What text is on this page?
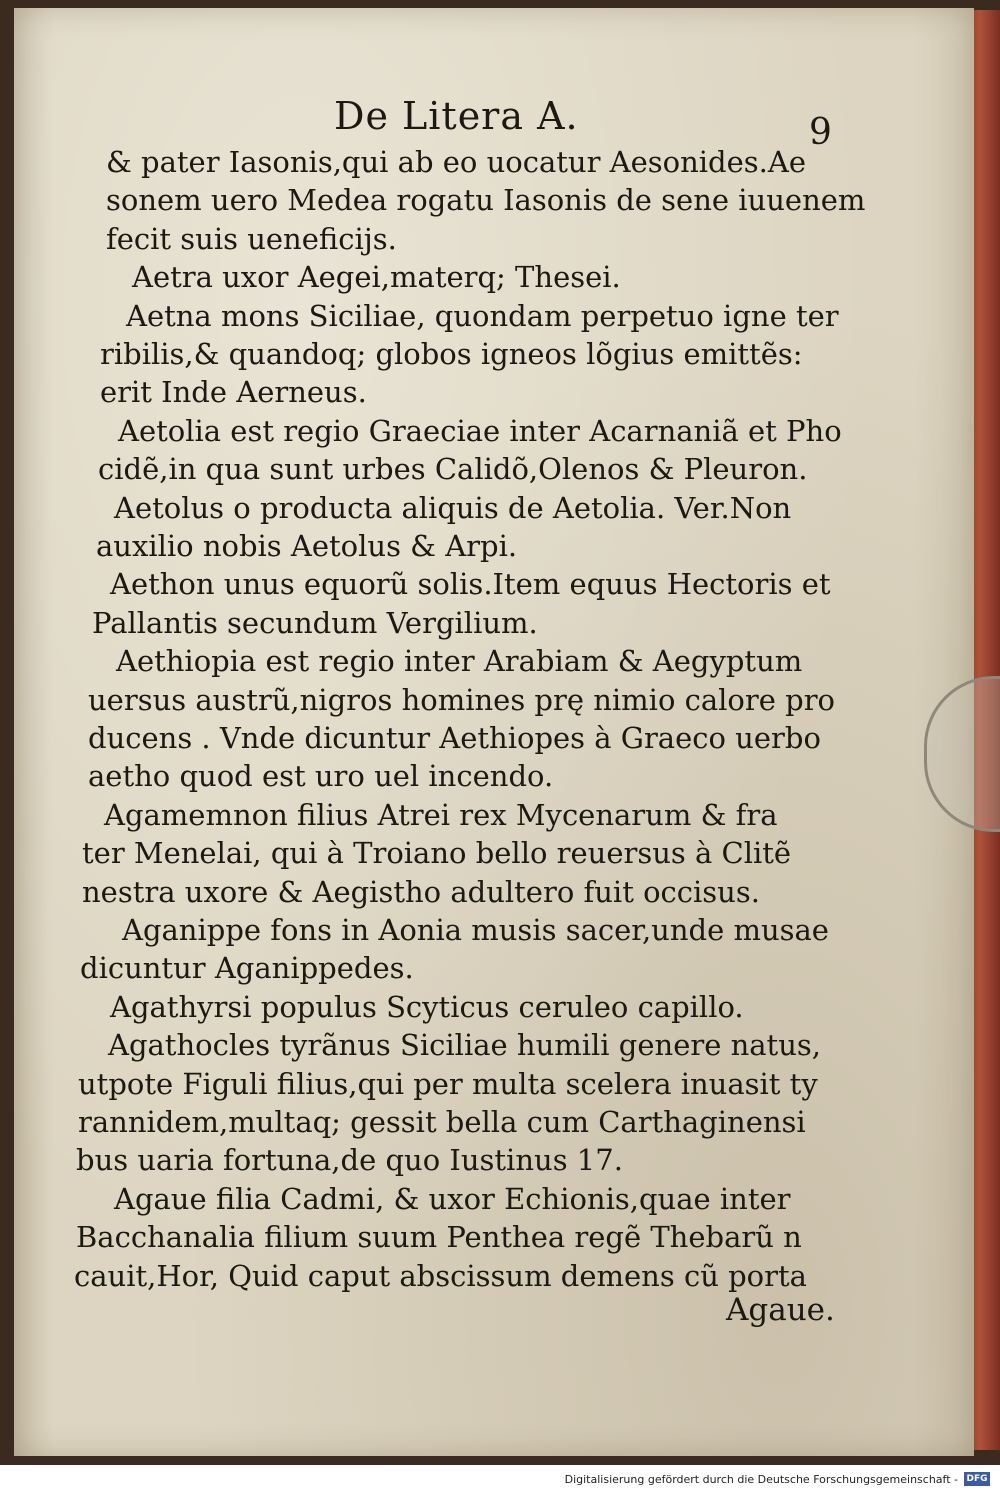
De Litera A.	9
& pater Iasonis,qui ab eo uocatur Aesonides.Ae
sonem uero Medea rogatu Iasonis de sene iuuenem
fecit suis ueneficijs.
Aetra uxor Aegei,materq; Thesei.
Aetna mons Siciliae, quondam perpetuo igne ter
ribilis,& quandoq; globos igneos lõgius emittẽs:
erit Inde Aerneus.
Aetolia est regio Graeciae inter Acarnaniã et Pho
cidẽ,in qua sunt urbes Calidõ,Olenos & Pleuron.
Aetolus o producta aliquis de Aetolia. Ver.Non
auxilio nobis Aetolus & Arpi.
Aethon unus equorũ solis.Item equus Hectoris et
Pallantis secundum Vergilium.
Aethiopia est regio inter Arabiam & Aegyptum
uersus austrũ,nigros homines prę nimio calore pro
ducens . Vnde dicuntur Aethiopes à Graeco uerbo
aetho quod est uro uel incendo.
Agamemnon filius Atrei rex Mycenarum & fra
ter Menelai, qui à Troiano bello reuersus à Clitẽ
nestra uxore & Aegistho adultero fuit occisus.
Aganippe fons in Aonia musis sacer,unde musae
dicuntur Aganippedes.
Agathyrsi populus Scyticus ceruleo capillo.
Agathocles tyrãnus Siciliae humili genere natus,
utpote Figuli filius,qui per multa scelera inuasit ty
rannidem,multaq; gessit bella cum Carthaginensi
bus uaria fortuna,de quo Iustinus 17.
Agaue filia Cadmi, & uxor Echionis,quae inter
Bacchanalia filium suum Penthea regẽ Thebarũ n
cauit,Hor, Quid caput abscissum demens cũ porta
Agaue.
Digitalisierung gefördert durch die Deutsche Forschungsgemeinschaft - DFG
